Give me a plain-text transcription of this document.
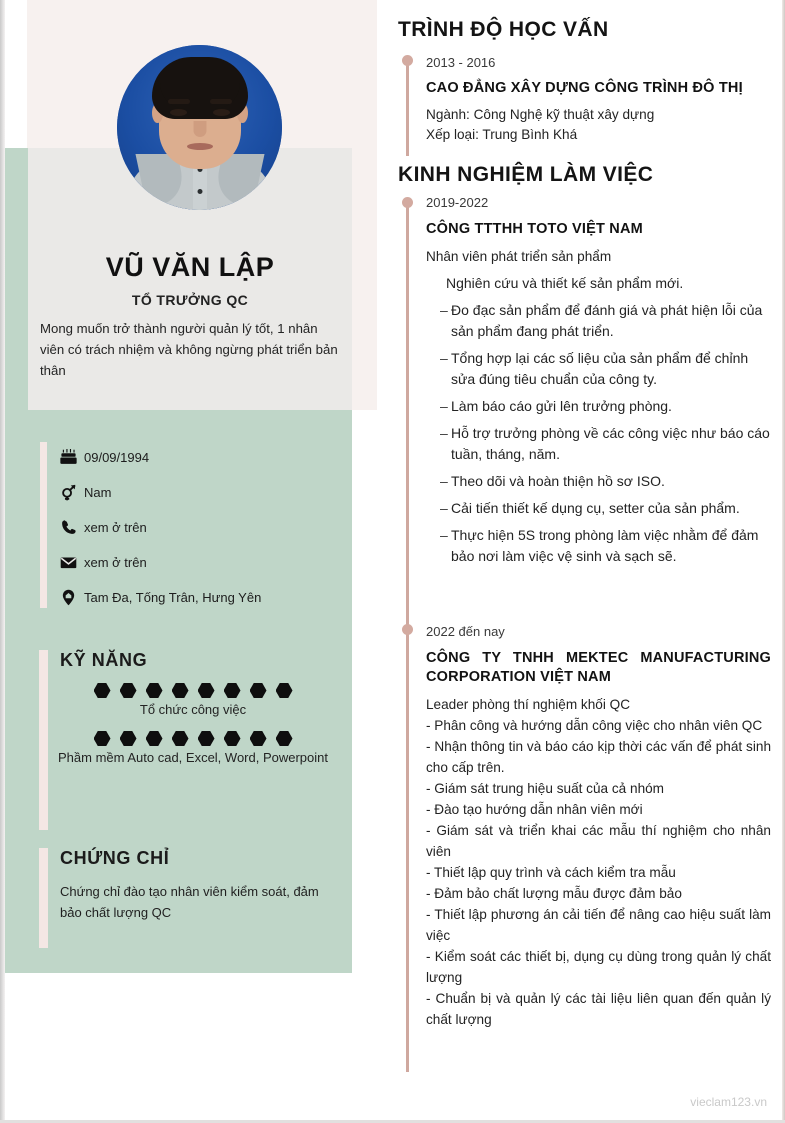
VŨ VĂN LẬP
TỔ TRƯỞNG QC
Mong muốn trở thành người quản lý tốt, 1 nhân viên có trách nhiệm và không ngừng phát triển bản thân
09/09/1994
Nam
xem ở trên
xem ở trên
Tam Đa, Tống Trân, Hưng Yên
KỸ NĂNG
Tổ chức công việc
Phầm mềm Auto cad, Excel, Word, Powerpoint
CHỨNG CHỈ
Chứng chỉ đào tạo nhân viên kiểm soát, đảm bảo chất lượng QC
TRÌNH ĐỘ HỌC VẤN
2013 - 2016
CAO ĐẲNG XÂY DỰNG CÔNG TRÌNH ĐÔ THỊ
Ngành: Công Nghệ kỹ thuật xây dựng
Xếp loại: Trung Bình Khá
KINH NGHIỆM LÀM VIỆC
2019-2022
CÔNG TTTHH TOTO VIỆT NAM
Nhân viên phát triển sản phẩm
Nghiên cứu và thiết kế sản phẩm mới.
– Đo đạc sản phẩm để đánh giá và phát hiện lỗi của sản phẩm đang phát triển.
– Tổng hợp lại các số liệu của sản phẩm để chỉnh sửa đúng tiêu chuẩn của công ty.
– Làm báo cáo gửi lên trưởng phòng.
– Hỗ trợ trưởng phòng về các công việc như báo cáo tuần, tháng, năm.
– Theo dõi và hoàn thiện hồ sơ ISO.
– Cải tiến thiết kế dụng cụ, setter của sản phẩm.
– Thực hiện 5S trong phòng làm việc nhằm để đảm bảo nơi làm việc vệ sinh và sạch sẽ.
2022 đến nay
CÔNG TY TNHH MEKTEC MANUFACTURING CORPORATION VIỆT NAM
Leader phòng thí nghiệm khối QC
- Phân công và hướng dẫn công việc cho nhân viên QC
- Nhận thông tin và báo cáo kịp thời các vấn để phát sinh cho cấp trên.
- Giám sát trung hiệu suất của cả nhóm
- Đào tạo hướng dẫn nhân viên mới
- Giám sát và triển khai các mẫu thí nghiệm cho nhân viên
- Thiết lập quy trình và cách kiểm tra mẫu
- Đảm bảo chất lượng mẫu được đảm bảo
- Thiết lập phương án cải tiến để nâng cao hiệu suất làm việc
- Kiểm soát các thiết bị, dụng cụ dùng trong quản lý chất lượng
- Chuẩn bị và quản lý các tài liệu liên quan đến quản lý chất lượng
vieclam123.vn
